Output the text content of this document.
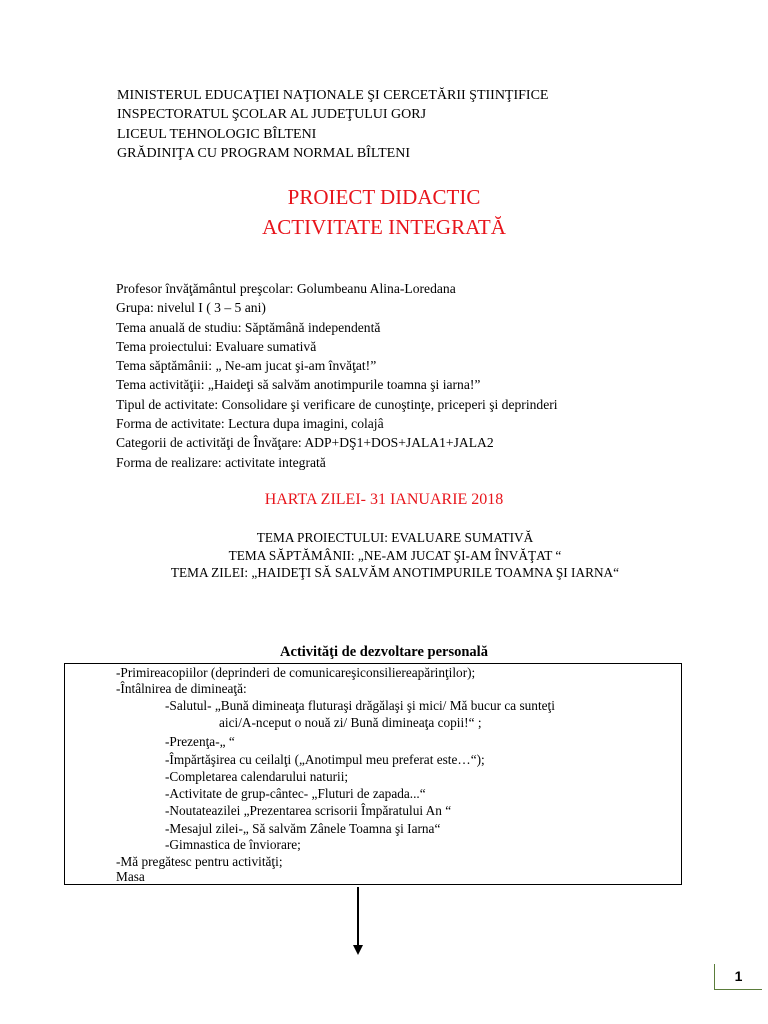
MINISTERUL EDUCAŢIEI NAŢIONALE ŞI CERCETĂRII ŞTIINŢIFICE
INSPECTORATUL ŞCOLAR AL JUDEŢULUI GORJ
LICEUL TEHNOLOGIC BÎLTENI
GRĂDINIŢA CU PROGRAM NORMAL BÎLTENI
PROIECT DIDACTIC
ACTIVITATE INTEGRATĂ
Profesor învăţământul preşcolar: Golumbeanu Alina-Loredana
Grupa: nivelul I ( 3 – 5 ani)
Tema anuală de studiu: Săptămână independentă
Tema proiectului: Evaluare sumativă
Tema săptămânii: „ Ne-am jucat şi-am învăţat!”
Tema activităţii: „Haideţi să salvăm anotimpurile toamna şi iarna!”
Tipul de activitate: Consolidare şi verificare de cunoştinţe, priceperi şi deprinderi
Forma de activitate: Lectura dupa imagini, colajâ
Categorii de activităţi de Învăţare: ADP+DŞ1+DOS+JALA1+JALA2
Forma de realizare: activitate integrată
HARTA ZILEI- 31 IANUARIE 2018
TEMA PROIECTULUI: EVALUARE SUMATIVĂ
TEMA SĂPTĂMÂNII: „NE-AM JUCAT ŞI-AM ÎNVĂŢAT “
TEMA ZILEI: „HAIDEŢI SĂ SALVĂM ANOTIMPURILE TOAMNA ŞI IARNA“
Activităţi de dezvoltare personală
-Primireacopiilor (deprinderi de comunicareşiconsiliereapărinţilor);
-Întâlnirea de dimineaţă:
-Salutul- „Bună dimineaţa fluturaşi drăgălaşi şi mici/ Mă bucur ca sunteţi
aici/A-nceput o nouă zi/ Bună dimineaţa copii!“ ;
-Prezenţa-„ “
-Împărtăşirea cu ceilalţi („Anotimpul meu preferat este…“);
-Completarea calendarului naturii;
-Activitate de grup-cântec- „Fluturi de zapada...“
-Noutateazilei „Prezentarea scrisorii Împăratului An “
-Mesajul zilei-„ Să salvăm Zânele Toamna şi Iarna“
-Gimnastica de înviorare;
-Mă pregătesc pentru activităţi;
Masa
1
